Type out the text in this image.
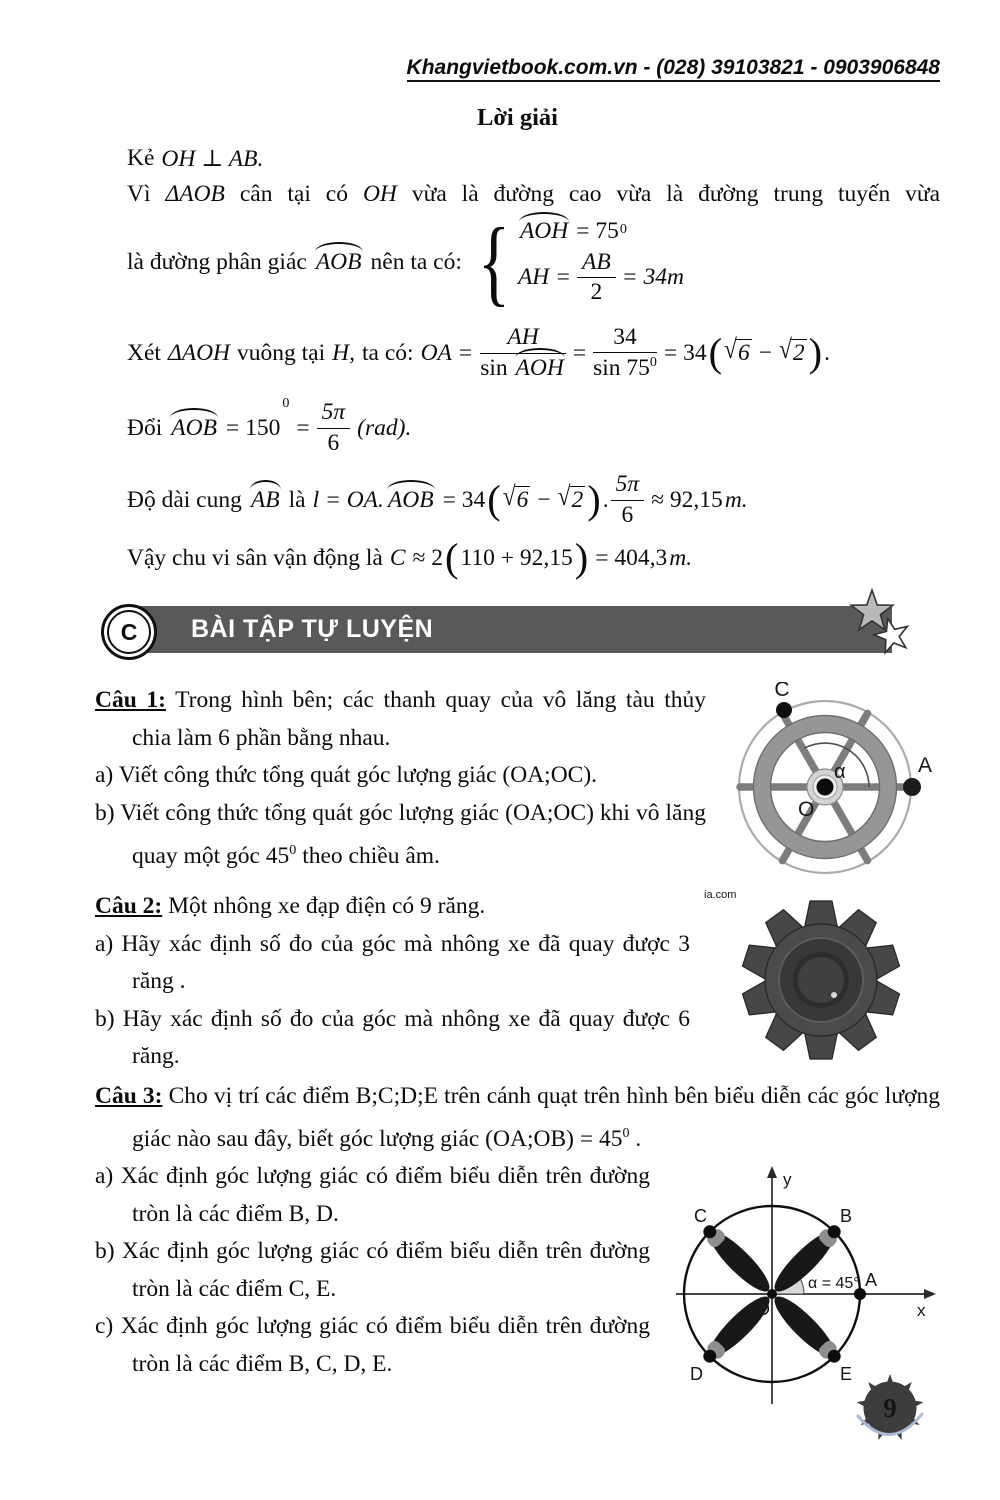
Khangvietbook.com.vn - (028) 39103821 - 0903906848
Lời giải
Kẻ OH ⊥ AB.
Vì ΔAOB cân tại có OH vừa là đường cao vừa là đường trung tuyến vừa
là đường phân giác AOB nên ta có: { AOH = 75 0
AH = $\frac{AB}{2} = 34m$
Xét ΔAOH vuông tại H, ta có: OA = $\frac{AH}{\text{sin AOH}} = \frac{34}{\sin 75^0} = 34$ ( √ 6 − √ 2 ) .
Đổi AOB = 150
0
= $\frac{5\pi}{6} (rad)$.
Độ dài cung AB là l = OA. AOB = 34 ( √ 6 − √ 2 ) . $\frac{5\pi}{6} \approx 92,15$ m.
Vậy chu vi sân vận động là C ≈ 2 ( 110 + 92,15 ) = 404,3 m.
C	BÀI TẬP TỰ LUYỆN
C
A
O
α

Câu 1: Trong hình bên; các thanh quay của vô lăng tàu thủy chia làm 6 phần bằng nhau.

a) Viết công thức tổng quát góc lượng giác (OA;OC).

b) Viết công thức tổng quát góc lượng giác (OA;OC) khi vô lăng quay một góc $45^0$ theo chiều âm.

ia.com

Câu 2: Một nhông xe đạp điện có 9 răng.

a) Hãy xác định số đo của góc mà nhông xe đã quay được 3 răng .

b) Hãy xác định số đo của góc mà nhông xe đã quay được 6 răng.

Câu 3: Cho vị trí các điểm B;C;D;E trên cánh quạt trên hình bên biểu diễn các góc lượng giác nào sau đây, biết góc lượng giác (OA;OB) = $45^0$ .

y
x
B
C
D	E
A
O
α = 45°

a) Xác định góc lượng giác có điểm biểu diễn trên đường tròn là các điểm B, D.

b) Xác định góc lượng giác có điểm biểu diễn trên đường tròn là các điểm C, E.

c) Xác định góc lượng giác có điểm biểu diễn trên đường tròn là các điểm B, C, D, E.

9
